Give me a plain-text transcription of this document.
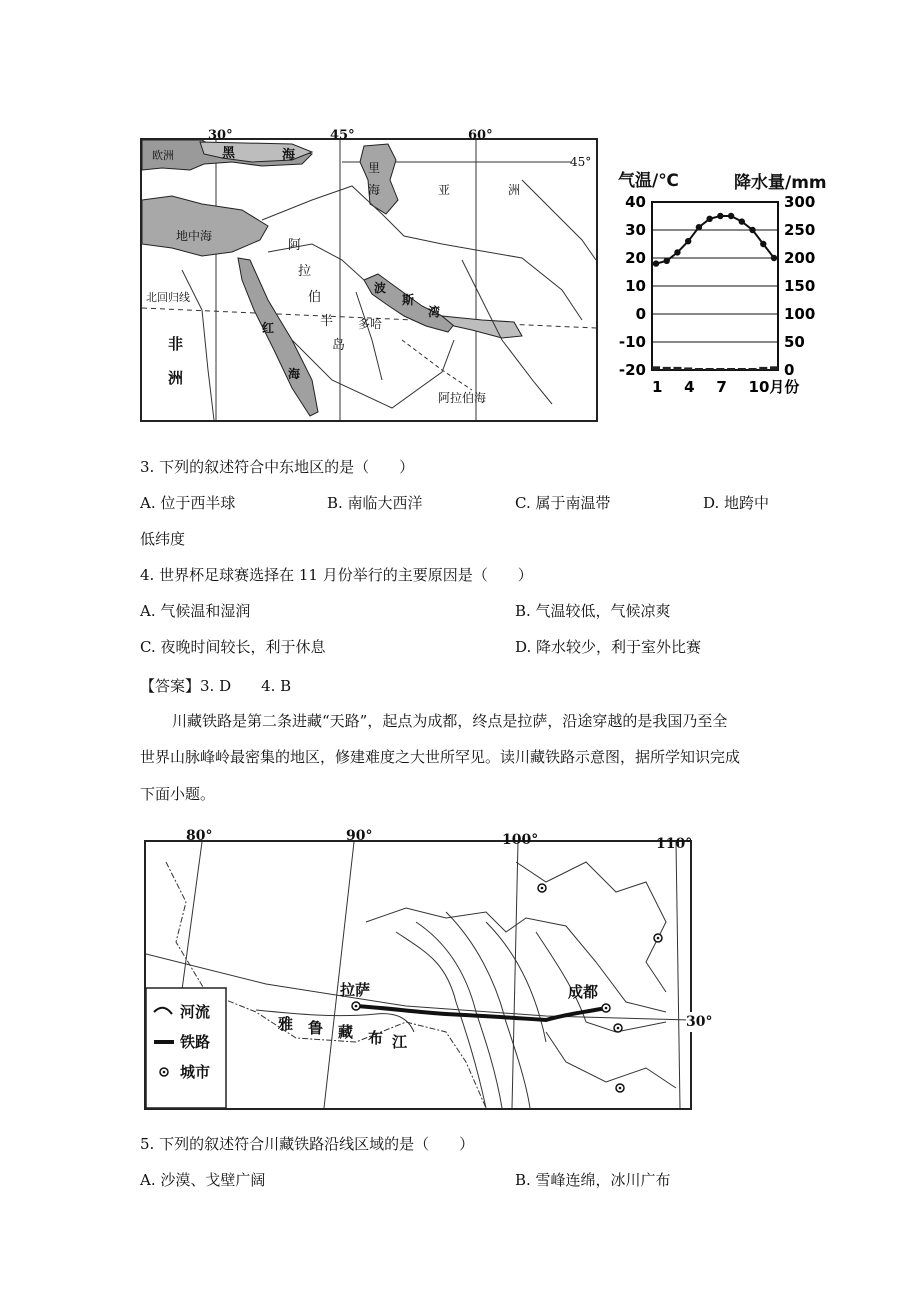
30°	45°	60°
45°
北回归线
欧洲	黑	海
里
海	亚	洲
地中海
阿
拉
伯
半
岛
波
斯
湾
多哈
红
海
非
洲
阿拉伯海
气温/℃	降水量/mm
40
30
20
10
0
-10
-20
300
250
200
150
100
50
0
1 4 7 10月份
3. 下列的叙述符合中东地区的是（　　）
A. 位于西半球	B. 南临大西洋	C. 属于南温带	D. 地跨中
低纬度
4. 世界杯足球赛选择在 11 月份举行的主要原因是（　　）
A. 气候温和湿润	B. 气温较低，气候凉爽
C. 夜晚时间较长，利于休息	D. 降水较少，利于室外比赛
【答案】3. D　　4. B
川藏铁路是第二条进藏“天路”，起点为成都，终点是拉萨，沿途穿越的是我国乃至全
世界山脉峰岭最密集的地区，修建难度之大世所罕见。读川藏铁路示意图，据所学知识完成
下面小题。
80°	90°	100°	110°
30°
拉萨	成都
雅 鲁 藏 布 江
河流
铁路
城市
5. 下列的叙述符合川藏铁路沿线区域的是（　　）
A. 沙漠、戈壁广阔	B. 雪峰连绵，冰川广布
